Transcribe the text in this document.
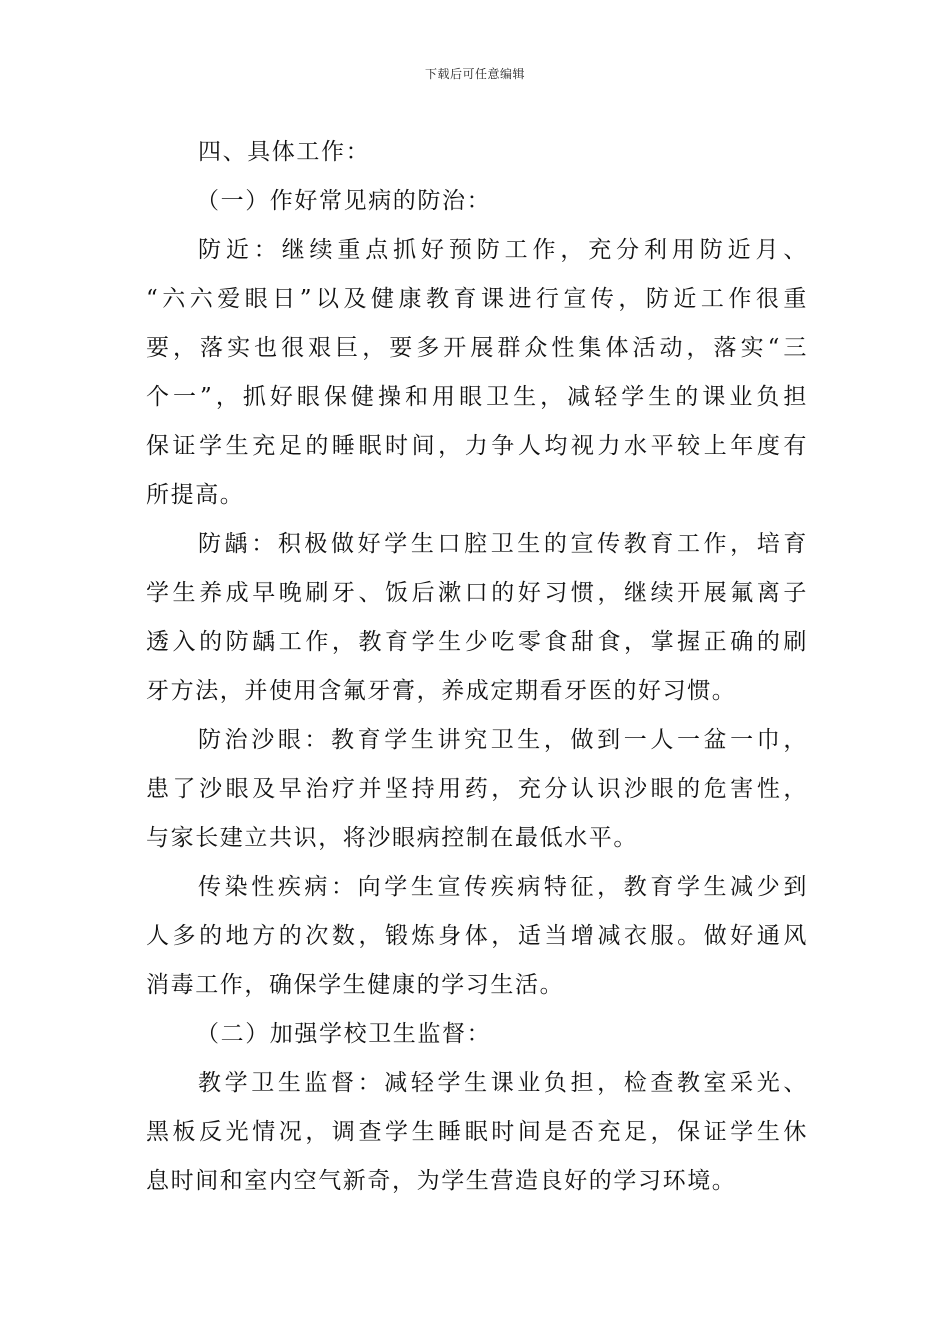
下载后可任意编辑
四、具体工作：
（一）作好常见病的防治：
防近：继续重点抓好预防工作，充分利用防近月、
“六六爱眼日”以及健康教育课进行宣传，防近工作很重
要，落实也很艰巨，要多开展群众性集体活动，落实“三
个一”，抓好眼保健操和用眼卫生，减轻学生的课业负担
保证学生充足的睡眠时间，力争人均视力水平较上年度有
所提高。
防龋：积极做好学生口腔卫生的宣传教育工作，培育
学生养成早晚刷牙、饭后漱口的好习惯，继续开展氟离子
透入的防龋工作，教育学生少吃零食甜食，掌握正确的刷
牙方法，并使用含氟牙膏，养成定期看牙医的好习惯。
防治沙眼：教育学生讲究卫生，做到一人一盆一巾，
患了沙眼及早治疗并坚持用药，充分认识沙眼的危害性，
与家长建立共识，将沙眼病控制在最低水平。
传染性疾病：向学生宣传疾病特征，教育学生减少到
人多的地方的次数，锻炼身体，适当增减衣服。做好通风
消毒工作，确保学生健康的学习生活。
（二）加强学校卫生监督：
教学卫生监督：减轻学生课业负担，检查教室采光、
黑板反光情况，调查学生睡眠时间是否充足，保证学生休
息时间和室内空气新奇，为学生营造良好的学习环境。
